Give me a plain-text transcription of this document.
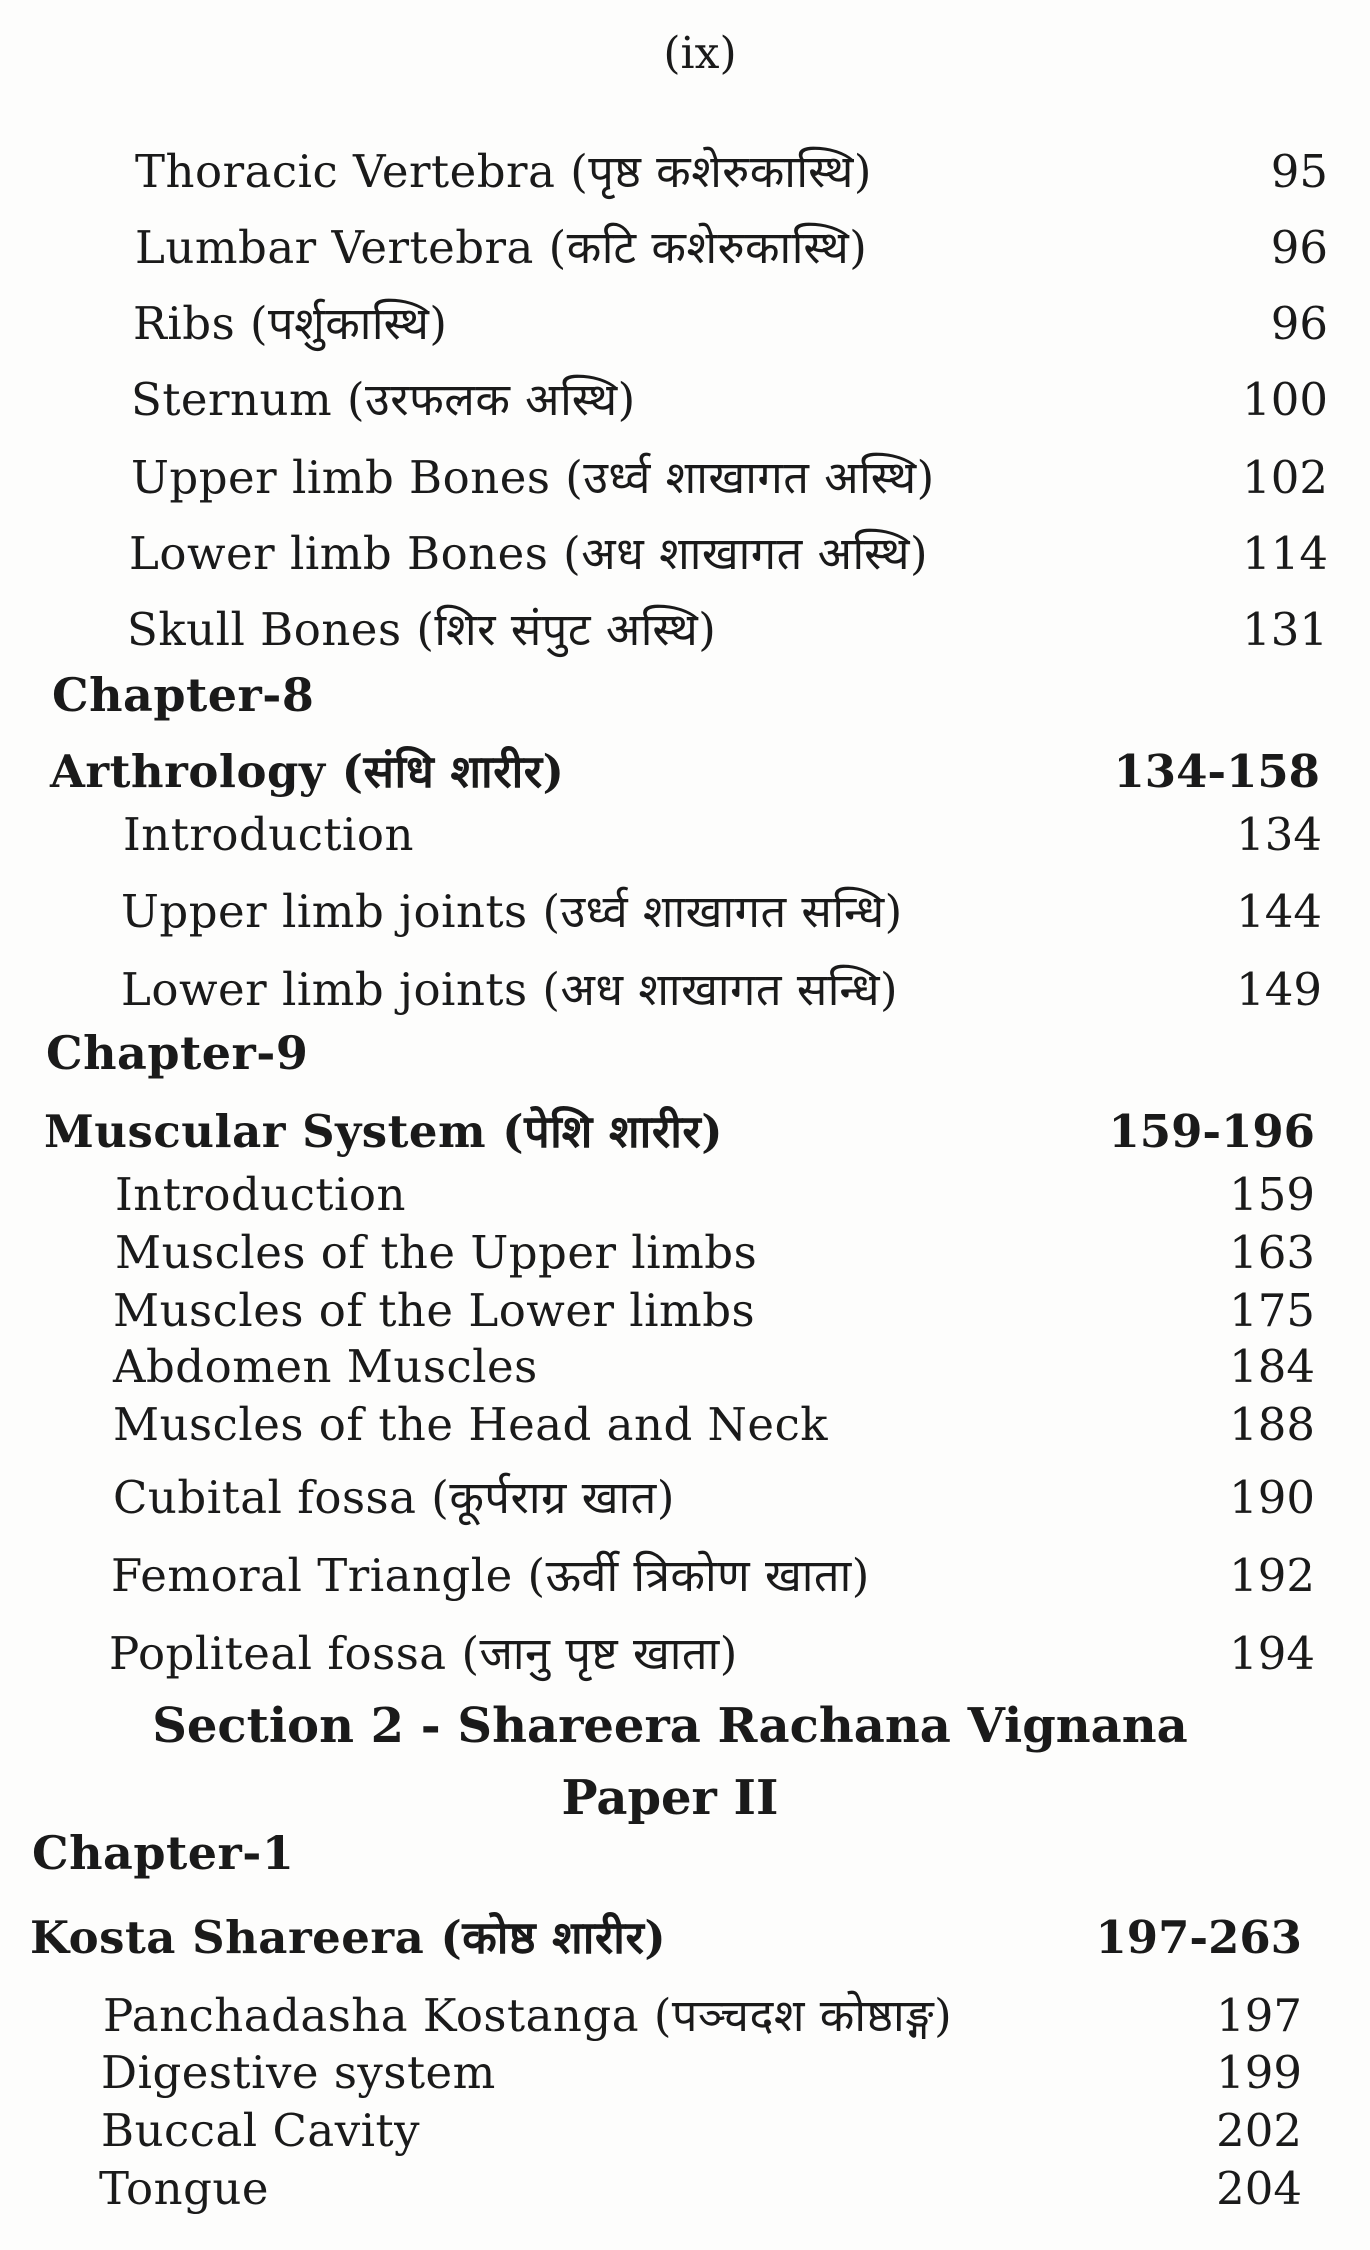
(ix)
Thoracic Vertebra (पृष्ठ कशेरुकास्थि)	95
Lumbar Vertebra (कटि कशेरुकास्थि)	96
Ribs (पर्शुकास्थि)	96
Sternum (उरफलक अस्थि)	100
Upper limb Bones (उर्ध्व शाखागत अस्थि)	102
Lower limb Bones (अध शाखागत अस्थि)	114
Skull Bones (शिर संपुट अस्थि)	131
Chapter-8
Arthrology (संधि शारीर)	134-158
Introduction	134
Upper limb joints (उर्ध्व शाखागत सन्धि)	144
Lower limb joints (अध शाखागत सन्धि)	149
Chapter-9
Muscular System (पेशि शारीर)	159-196
Introduction	159
Muscles of the Upper limbs	163
Muscles of the Lower limbs	175
Abdomen Muscles	184
Muscles of the Head and Neck	188
Cubital fossa (कूर्पराग्र खात)	190
Femoral Triangle (ऊर्वी त्रिकोण खाता)	192
Popliteal fossa (जानु पृष्ट खाता)	194
Section 2 - Shareera Rachana Vignana
Paper II
Chapter-1
Kosta Shareera (कोष्ठ शारीर)	197-263
Panchadasha Kostanga (पञ्चदश कोष्ठाङ्ग)	197
Digestive system	199
Buccal Cavity	202
Tongue	204
